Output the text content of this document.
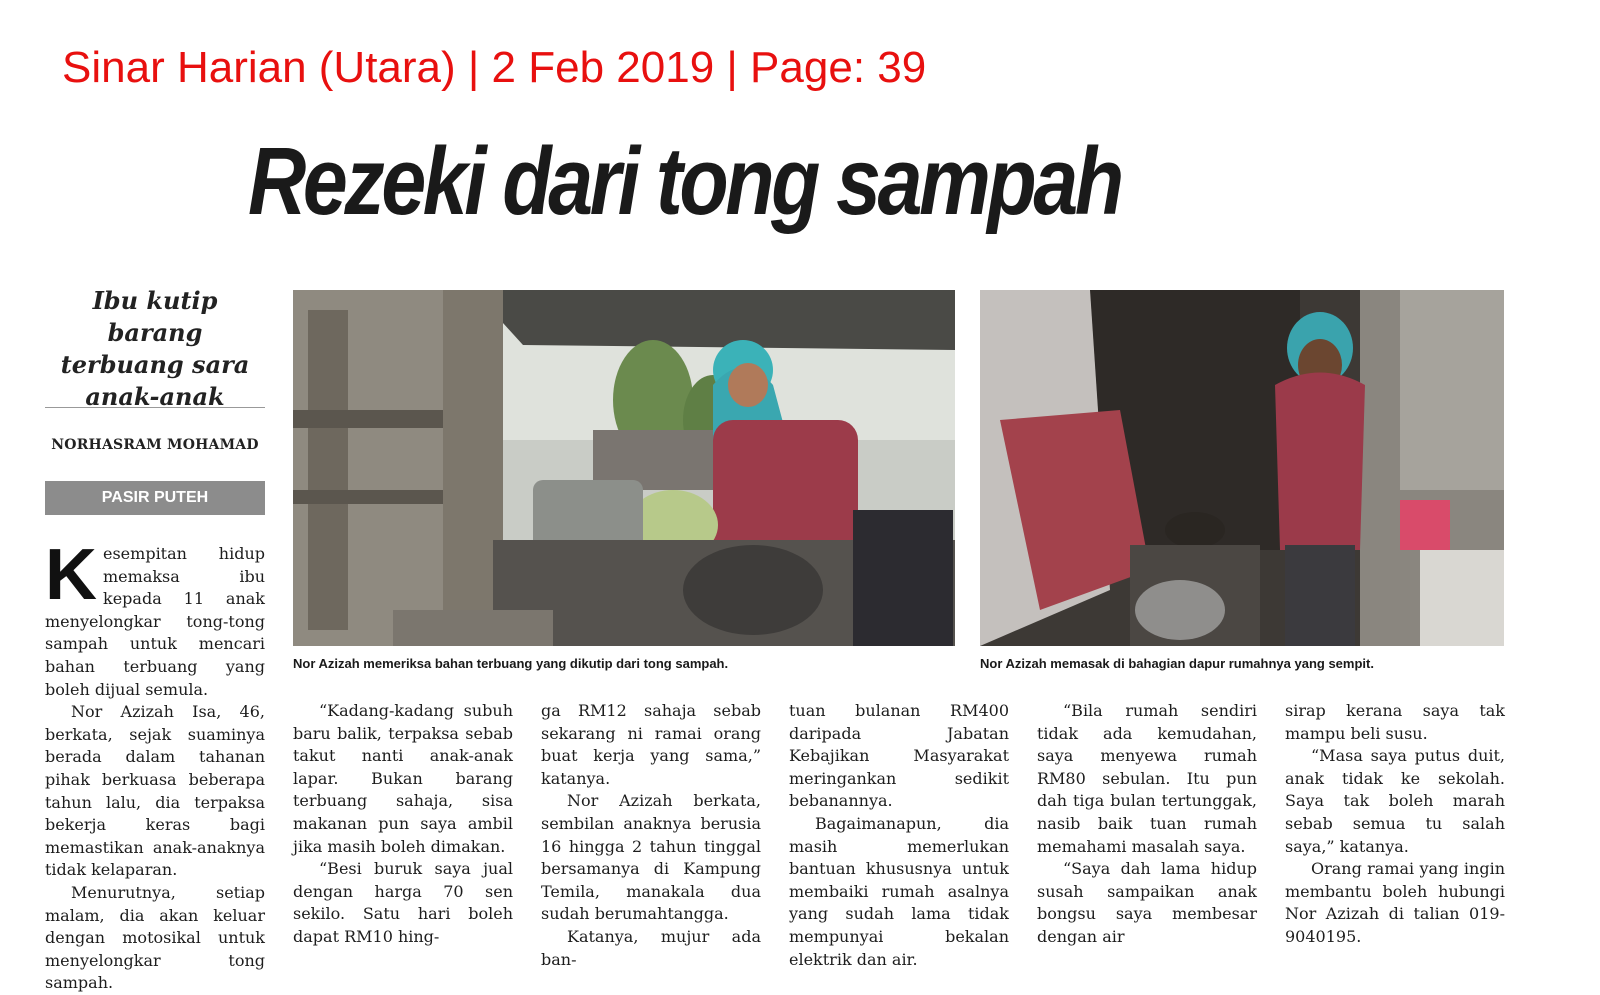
Sinar Harian (Utara) | 2 Feb 2019 | Page: 39
Rezeki dari tong sampah
Ibu kutip barang terbuang sara anak-anak
NORHASRAM MOHAMAD
PASIR PUTEH
Nor Azizah memeriksa bahan terbuang yang dikutip dari tong sampah.	Nor Azizah memasak di bahagian dapur rumahnya yang sempit.

Kesempitan hidup memaksa ibu kepada 11 anak menyelongkar tong-tong sampah untuk mencari bahan terbuang yang boleh dijual semula.

Nor Azizah Isa, 46, berkata, sejak suaminya berada dalam tahanan pihak berkuasa beberapa tahun lalu, dia terpaksa bekerja keras bagi memastikan anak-anaknya tidak kelaparan.

Menurutnya, setiap malam, dia akan keluar dengan motosikal untuk menyelongkar tong sampah.

“Kadang-kadang subuh baru balik, terpaksa sebab takut nanti anak-anak lapar. Bukan barang terbuang sahaja, sisa makanan pun saya ambil jika masih boleh dimakan.

“Besi buruk saya jual dengan harga 70 sen sekilo. Satu hari boleh dapat RM10 hing-

ga RM12 sahaja sebab sekarang ni ramai orang buat kerja yang sama,” katanya.

Nor Azizah berkata, sembilan anaknya berusia 16 hingga 2 tahun tinggal bersamanya di Kampung Temila, manakala dua sudah berumahtangga.

Katanya, mujur ada ban-

tuan bulanan RM400 daripada Jabatan Kebajikan Masyarakat meringankan sedikit bebanannya.

Bagaimanapun, dia masih memerlukan bantuan khususnya untuk membaiki rumah asalnya yang sudah lama tidak mempunyai bekalan elektrik dan air.

“Bila rumah sendiri tidak ada kemudahan, saya menyewa rumah RM80 sebulan. Itu pun dah tiga bulan tertunggak, nasib baik tuan rumah memahami masalah saya.

“Saya dah lama hidup susah sampaikan anak bongsu saya membesar dengan air

sirap kerana saya tak mampu beli susu.

“Masa saya putus duit, anak tidak ke sekolah. Saya tak boleh marah sebab semua tu salah saya,” katanya.

Orang ramai yang ingin membantu boleh hubungi Nor Azizah di talian 019-9040195.
